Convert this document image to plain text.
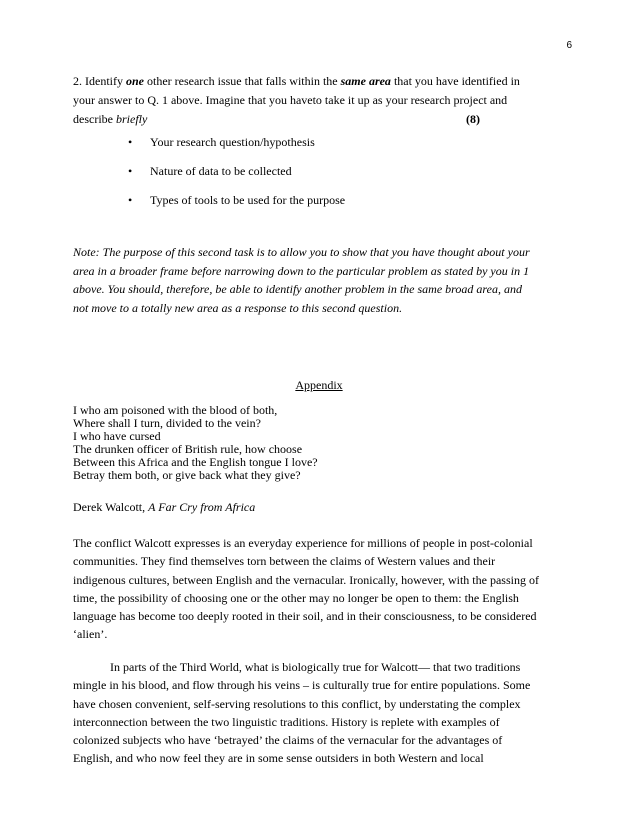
6
2. Identify one other research issue that falls within the same area that you have identified in
your answer to Q. 1 above. Imagine that you haveto take it up as your research project and
describe briefly	(8)
• Your research question/hypothesis
• Nature of data to be collected
• Types of tools to be used for the purpose
Note: The purpose of this second task is to allow you to show that you have thought about your
area in a broader frame before narrowing down to the particular problem as stated by you in 1
above. You should, therefore, be able to identify another problem in the same broad area, and
not move to a totally new area as a response to this second question.
Appendix
I who am poisoned with the blood of both,
Where shall I turn, divided to the vein?
I who have cursed
The drunken officer of British rule, how choose
Between this Africa and the English tongue I love?
Betray them both, or give back what they give?
Derek Walcott, A Far Cry from Africa
The conflict Walcott expresses is an everyday experience for millions of people in post-colonial
communities. They find themselves torn between the claims of Western values and their
indigenous cultures, between English and the vernacular. Ironically, however, with the passing of
time, the possibility of choosing one or the other may no longer be open to them: the English
language has become too deeply rooted in their soil, and in their consciousness, to be considered
‘alien’.
In parts of the Third World, what is biologically true for Walcott— that two traditions
mingle in his blood, and flow through his veins – is culturally true for entire populations. Some
have chosen convenient, self-serving resolutions to this conflict, by understating the complex
interconnection between the two linguistic traditions. History is replete with examples of
colonized subjects who have ‘betrayed’ the claims of the vernacular for the advantages of
English, and who now feel they are in some sense outsiders in both Western and local
